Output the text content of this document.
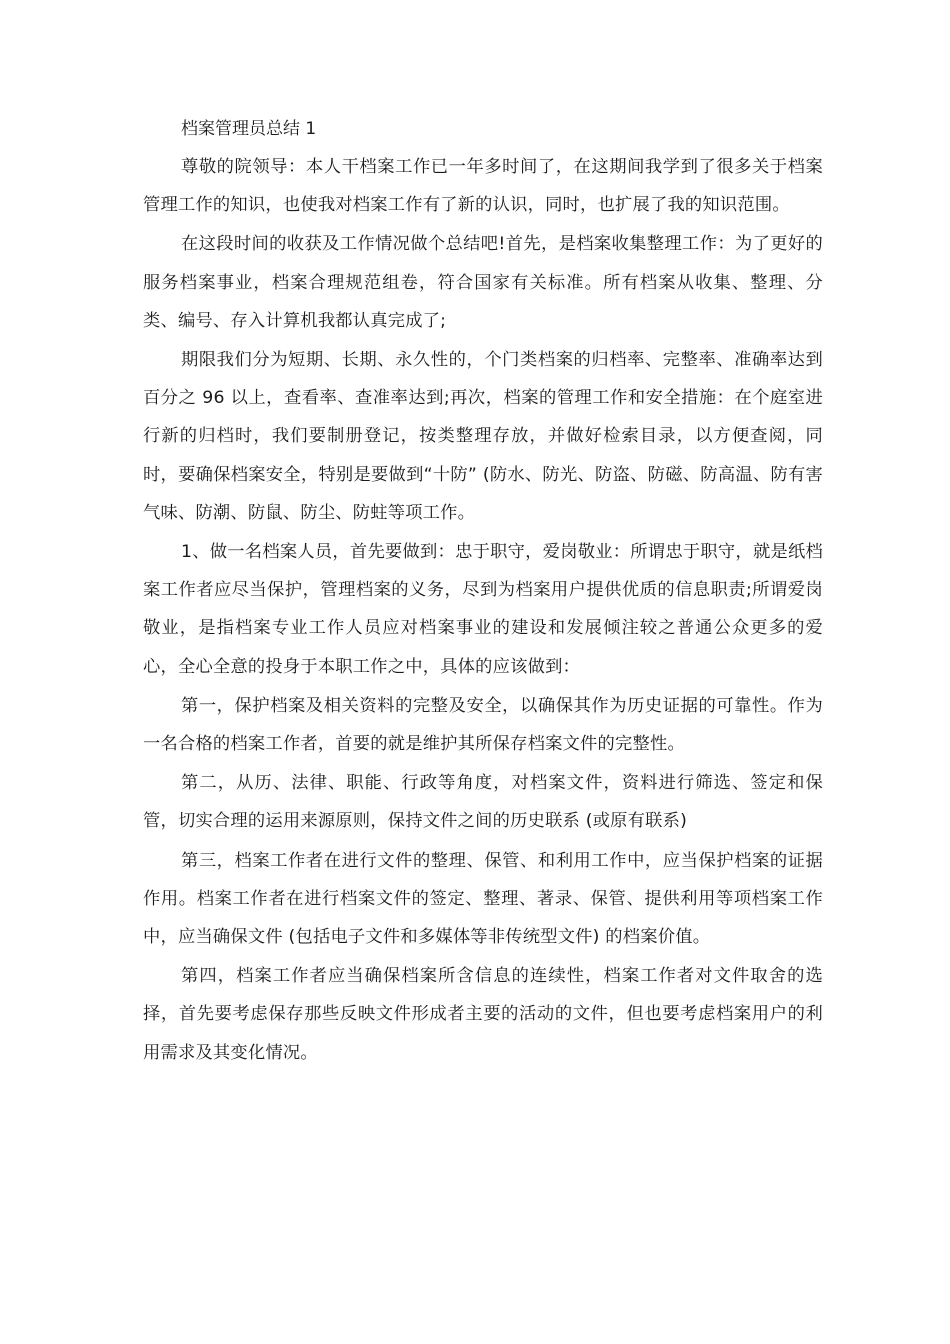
档案管理员总结 1

尊敬的院领导：本人干档案工作已一年多时间了，在这期间我学到了很多关于档案管理工作的知识，也使我对档案工作有了新的认识，同时，也扩展了我的知识范围。

在这段时间的收获及工作情况做个总结吧!首先，是档案收集整理工作：为了更好的服务档案事业，档案合理规范组卷，符合国家有关标准。所有档案从收集、整理、分类、编号、存入计算机我都认真完成了;

期限我们分为短期、长期、永久性的，个门类档案的归档率、完整率、准确率达到百分之 96 以上，查看率、查准率达到;再次，档案的管理工作和安全措施：在个庭室进行新的归档时，我们要制册登记，按类整理存放，并做好检索目录，以方便查阅，同时，要确保档案安全，特别是要做到“十防” (防水、防光、防盗、防磁、防高温、防有害气味、防潮、防鼠、防尘、防蛀等项工作。

1、做一名档案人员，首先要做到：忠于职守，爱岗敬业：所谓忠于职守，就是纸档案工作者应尽当保护，管理档案的义务，尽到为档案用户提供优质的信息职责;所谓爱岗敬业，是指档案专业工作人员应对档案事业的建设和发展倾注较之普通公众更多的爱心，全心全意的投身于本职工作之中，具体的应该做到：

第一，保护档案及相关资料的完整及安全，以确保其作为历史证据的可靠性。作为一名合格的档案工作者，首要的就是维护其所保存档案文件的完整性。

第二，从历、法律、职能、行政等角度，对档案文件，资料进行筛选、签定和保管，切实合理的运用来源原则，保持文件之间的历史联系 (或原有联系)

第三，档案工作者在进行文件的整理、保管、和利用工作中，应当保护档案的证据作用。档案工作者在进行档案文件的签定、整理、著录、保管、提供利用等项档案工作中，应当确保文件 (包括电子文件和多媒体等非传统型文件) 的档案价值。

第四，档案工作者应当确保档案所含信息的连续性，档案工作者对文件取舍的选择，首先要考虑保存那些反映文件形成者主要的活动的文件，但也要考虑档案用户的利用需求及其变化情况。
